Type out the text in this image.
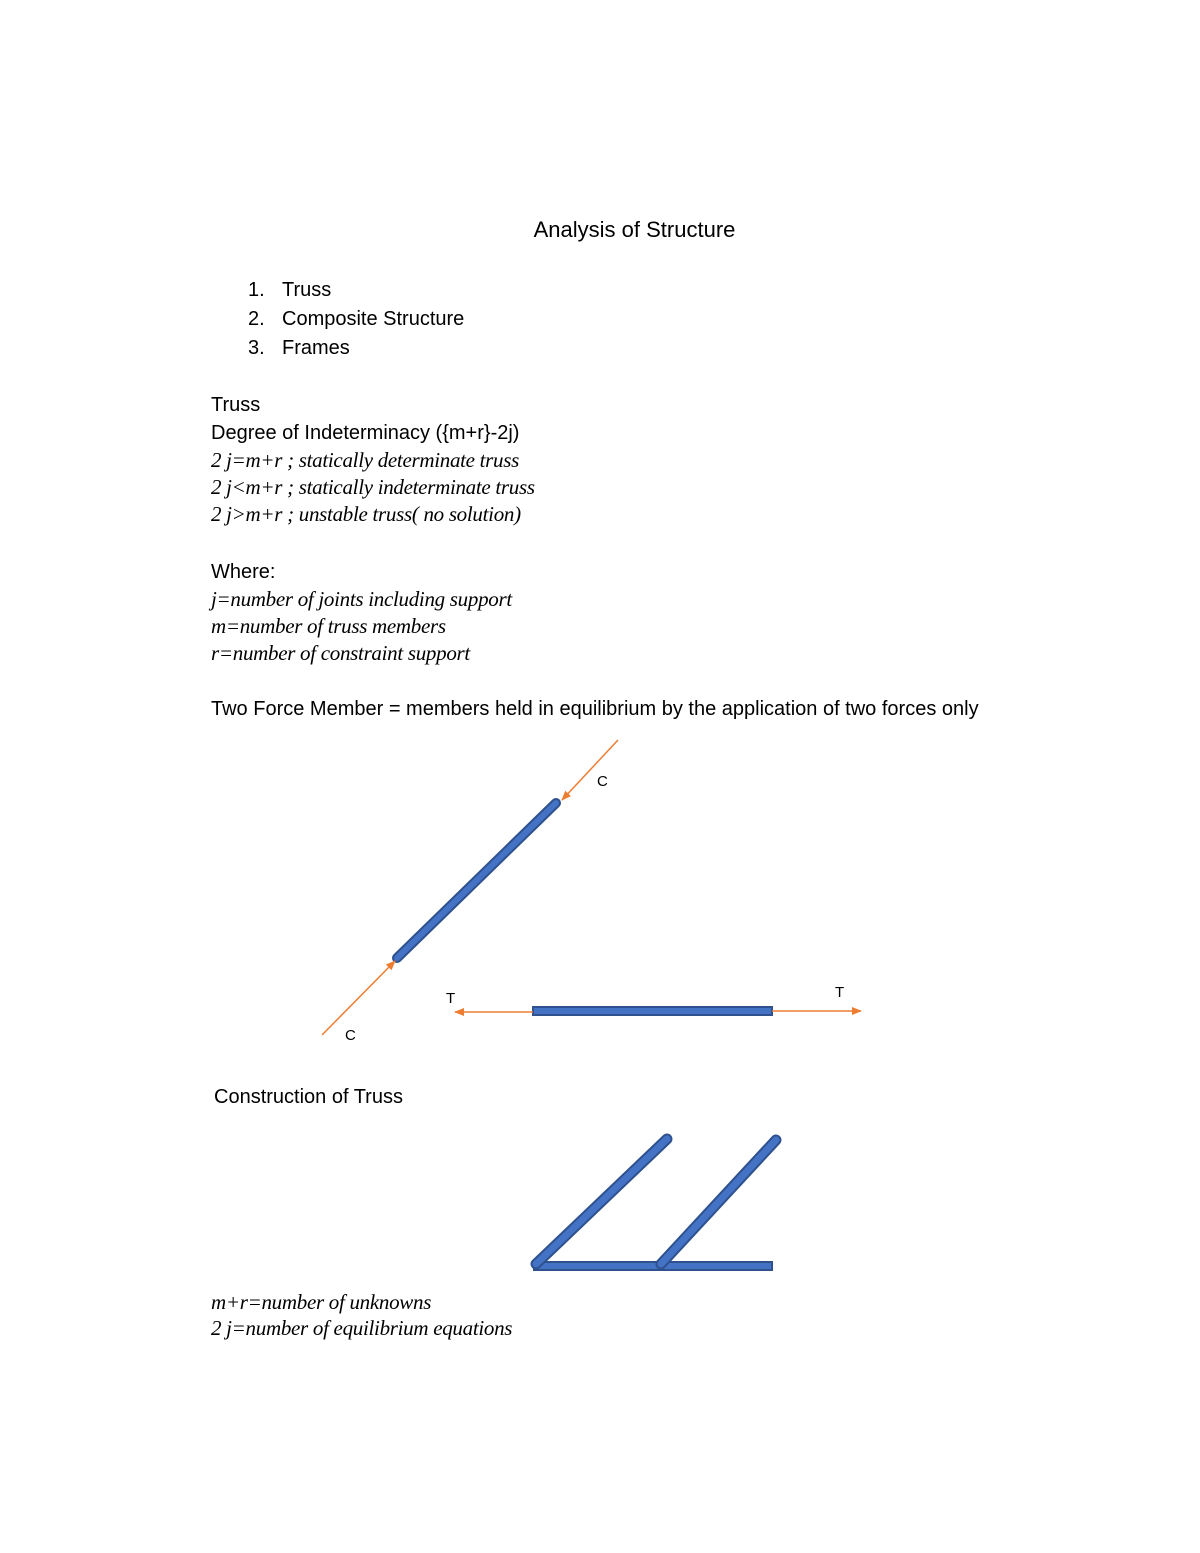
Analysis of Structure
1. Truss
2. Composite Structure
3. Frames
Truss
Degree of Indeterminacy ({m+r}-2j)
2 j=m+r ; statically determinate truss
2 j<m+r ; statically indeterminate truss
2 j>m+r ; unstable truss( no solution)
Where:
j=number of joints including support
m=number of truss members
r=number of constraint support
Two Force Member = members held in equilibrium by the application of two forces only
C
C
T	T
Construction of Truss
m+r=number of unknowns
2 j=number of equilibrium equations
